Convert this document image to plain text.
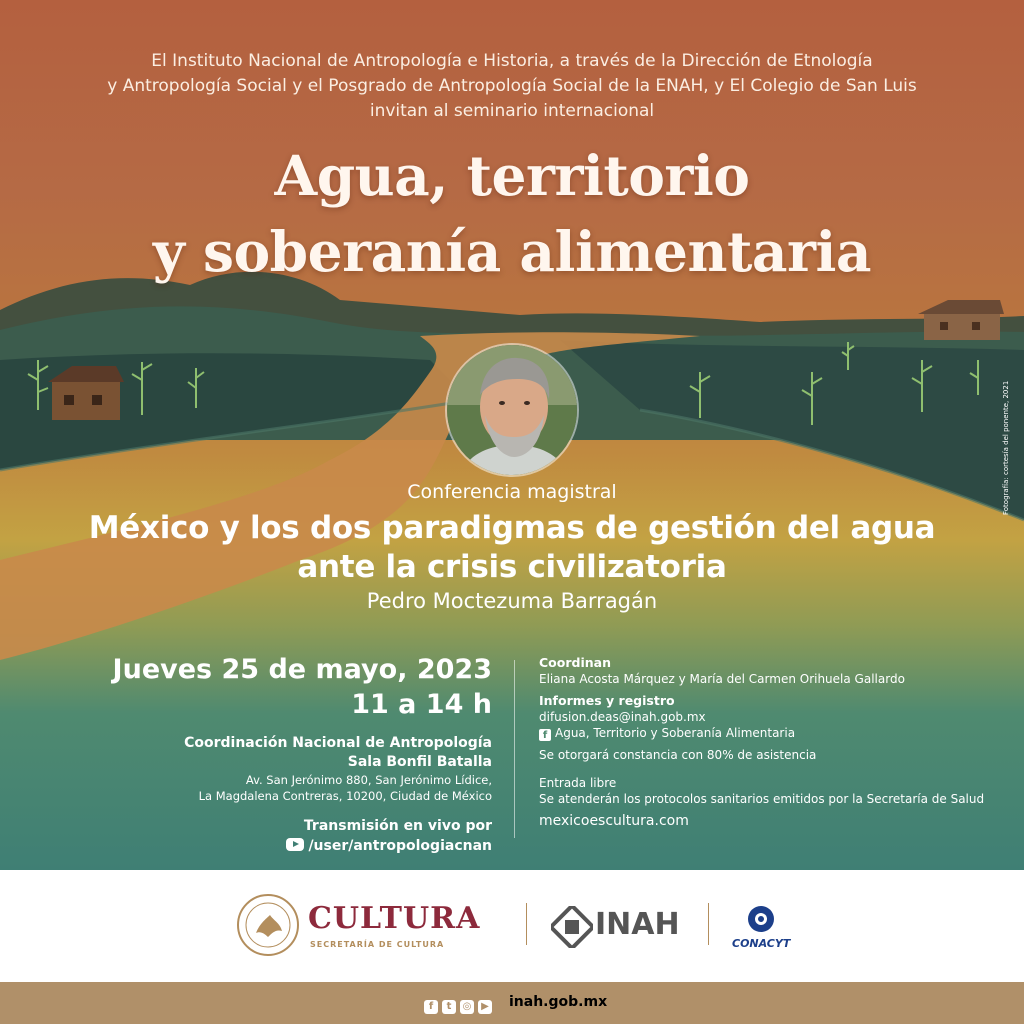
El Instituto Nacional de Antropología e Historia, a través de la Dirección de Etnología
y Antropología Social y el Posgrado de Antropología Social de la ENAH, y El Colegio de San Luis
invitan al seminario internacional
Agua, territorio
y soberanía alimentaria
Fotografía: cortesía del ponente, 2021
Conferencia magistral
México y los dos paradigmas de gestión del agua
ante la crisis civilizatoria
Pedro Moctezuma Barragán
Jueves 25 de mayo, 2023
11 a 14 h
Coordinación Nacional de Antropología
Sala Bonfil Batalla
Av. San Jerónimo 880, San Jerónimo Lídice,
La Magdalena Contreras, 10200, Ciudad de México
Transmisión en vivo por
/user/antropologiacnan
Coordinan
Eliana Acosta Márquez y María del Carmen Orihuela Gallardo
Informes y registro
difusion.deas@inah.gob.mx
f Agua, Territorio y Soberanía Alimentaria
Se otorgará constancia con 80% de asistencia
Entrada libre
Se atenderán los protocolos sanitarios emitidos por la Secretaría de Salud
mexicoescultura.com
CULTURA
SECRETARÍA DE CULTURA
INAH
CONACYT
f t ◎ ▶	inah.gob.mx
